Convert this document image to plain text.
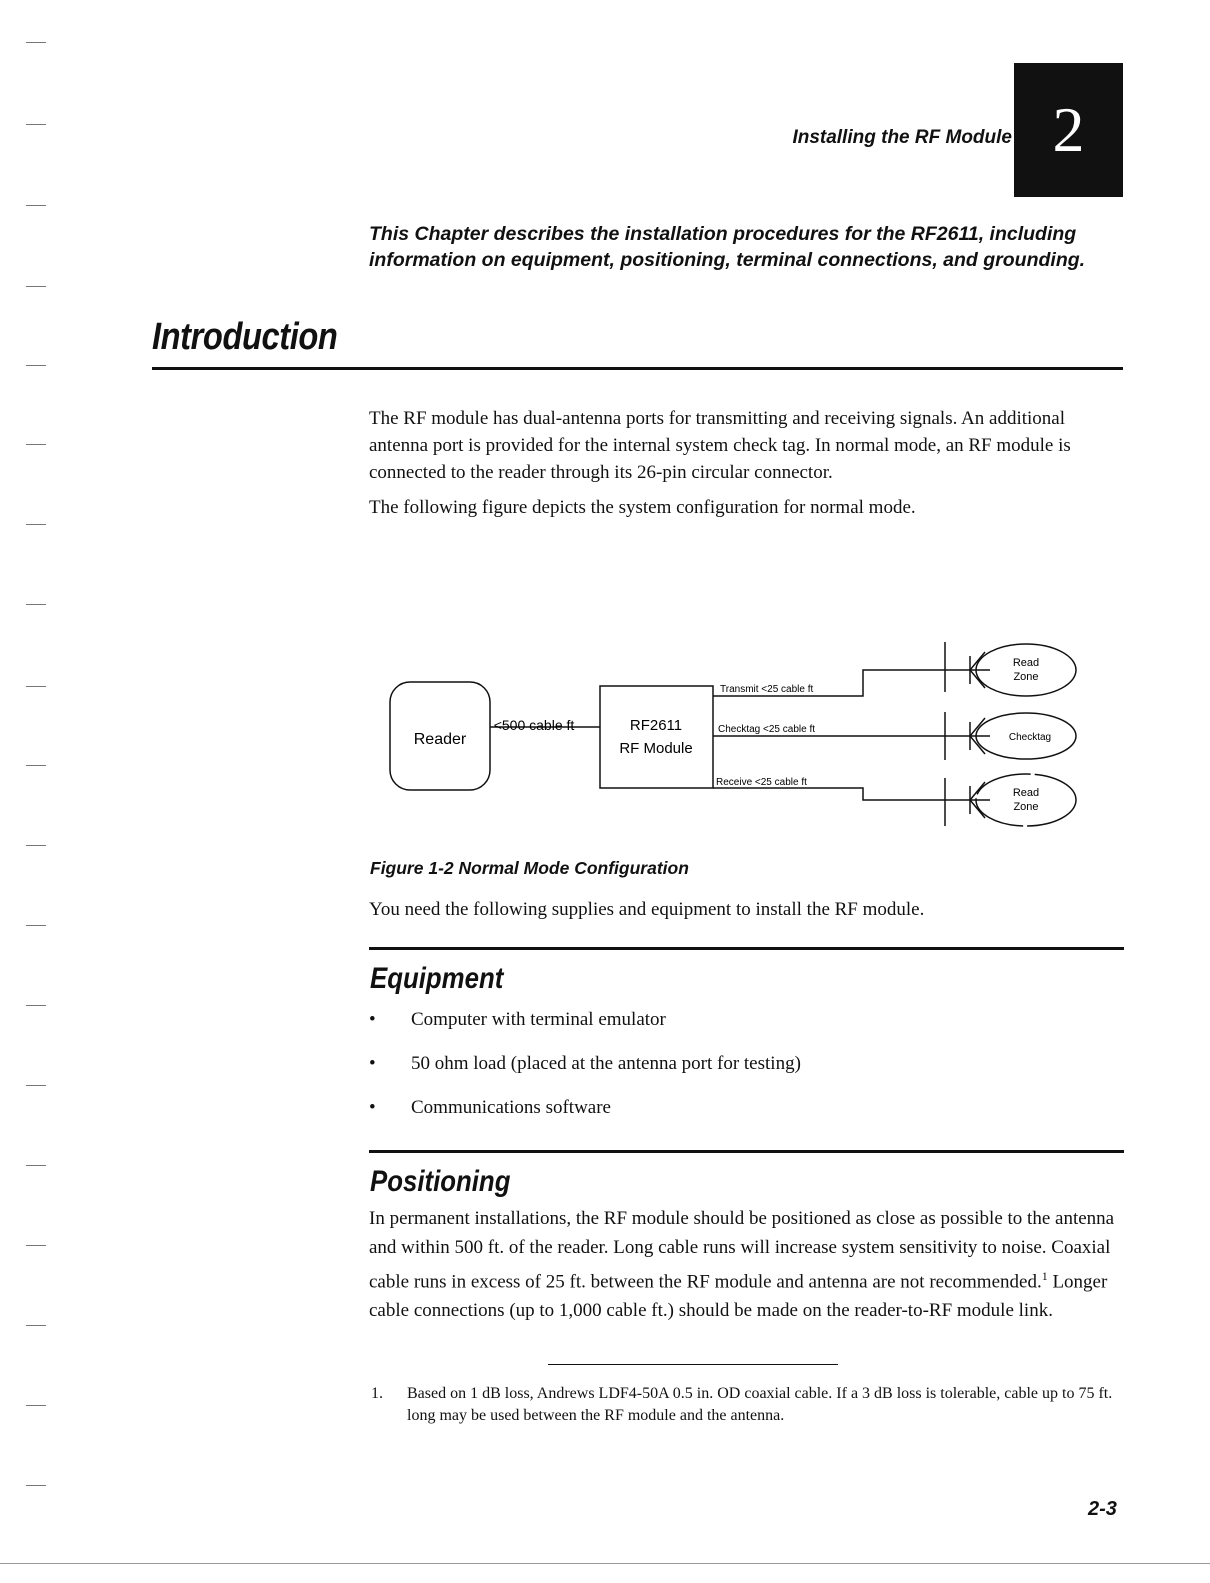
Installing the RF Module 2
This Chapter describes the installation procedures for the RF2611, including information on equipment, positioning, terminal connections, and grounding.
Introduction
The RF module has dual-antenna ports for transmitting and receiving signals. An additional antenna port is provided for the internal system check tag. In normal mode, an RF module is connected to the reader through its 26-pin circular connector.
The following figure depicts the system configuration for normal mode.
Reader
<500 cable ft	RF2611
RF Module
Transmit <25 cable ft
Checktag <25 cable ft
Receive <25 cable ft
Read
Zone
Checktag
Read
Zone
Figure 1-2 Normal Mode Configuration
You need the following supplies and equipment to install the RF module.
Equipment
• Computer with terminal emulator
• 50 ohm load (placed at the antenna port for testing)
• Communications software
Positioning
In permanent installations, the RF module should be positioned as close as possible to the antenna and within 500 ft. of the reader. Long cable runs will increase system sensitivity to noise. Coaxial cable runs in excess of 25 ft. between the RF module and antenna are not recommended.$^1$ Longer cable connections (up to 1,000 cable ft.) should be made on the reader-to-RF module link.
1. Based on 1 dB loss, Andrews LDF4-50A 0.5 in. OD coaxial cable. If a 3 dB loss is tolerable, cable up to 75 ft. long may be used between the RF module and the antenna.
2-3
